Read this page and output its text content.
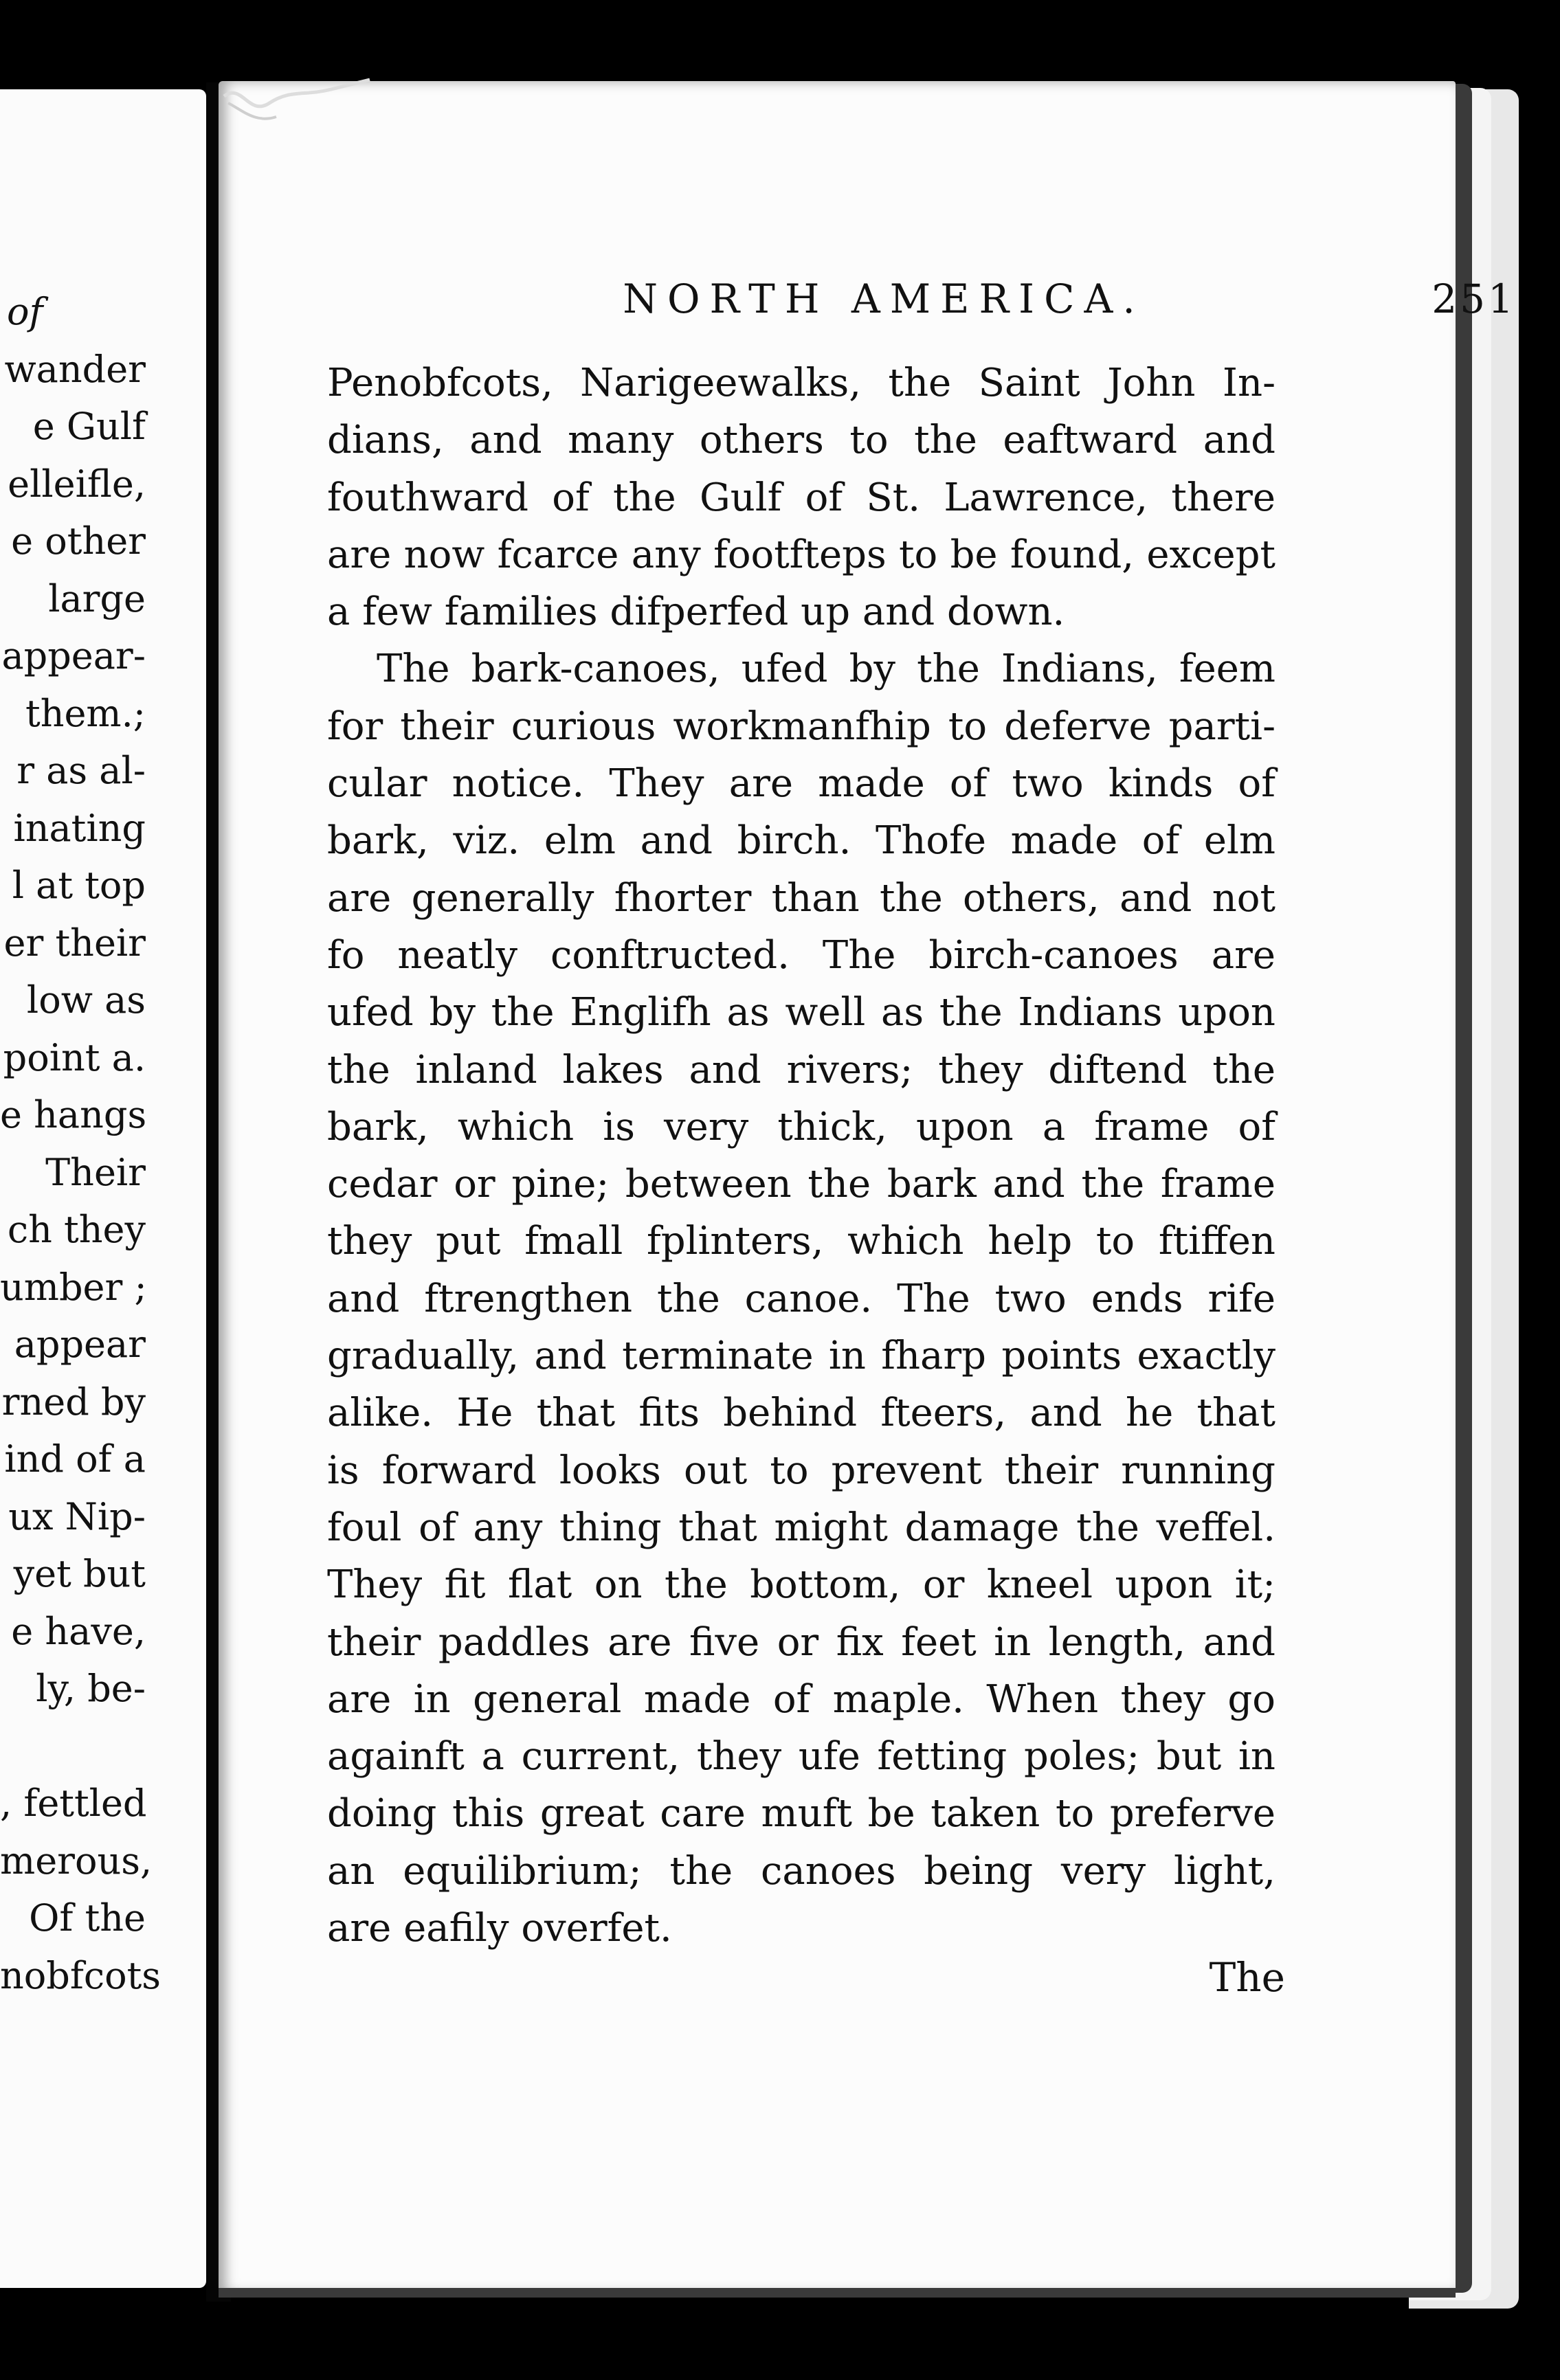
of
wander
e Gulf
elleifle,
e other
large
appear-
them.;
r as al-
inating
l at top
er their
low as
point a.
e hangs
Their
ch they
umber ;
appear
rned by
ind of a
ux Nip-
yet but
e have,
ly, be-
, fettled
merous,
Of the
nobfcots
NORTH AMERICA.	251
Penobfcots, Narigeewalks, the Saint John In-
dians, and many others to the eaftward and
fouthward of the Gulf of St. Lawrence, there
are now fcarce any footfteps to be found, except
a few families difperfed up and down.
The bark-canoes, ufed by the Indians, feem
for their curious workmanfhip to deferve parti-
cular notice. They are made of two kinds of
bark, viz. elm and birch. Thofe made of elm
are generally fhorter than the others, and not
fo neatly conftructed. The birch-canoes are
ufed by the Englifh as well as the Indians upon
the inland lakes and rivers; they diftend the
bark, which is very thick, upon a frame of
cedar or pine; between the bark and the frame
they put fmall fplinters, which help to ftiffen
and ftrengthen the canoe. The two ends rife
gradually, and terminate in fharp points exactly
alike. He that fits behind fteers, and he that
is forward looks out to prevent their running
foul of any thing that might damage the veffel.
They fit flat on the bottom, or kneel upon it;
their paddles are five or fix feet in length, and
are in general made of maple. When they go
againft a current, they ufe fetting poles; but in
doing this great care muft be taken to preferve
an equilibrium; the canoes being very light,
are eafily overfet.
The
